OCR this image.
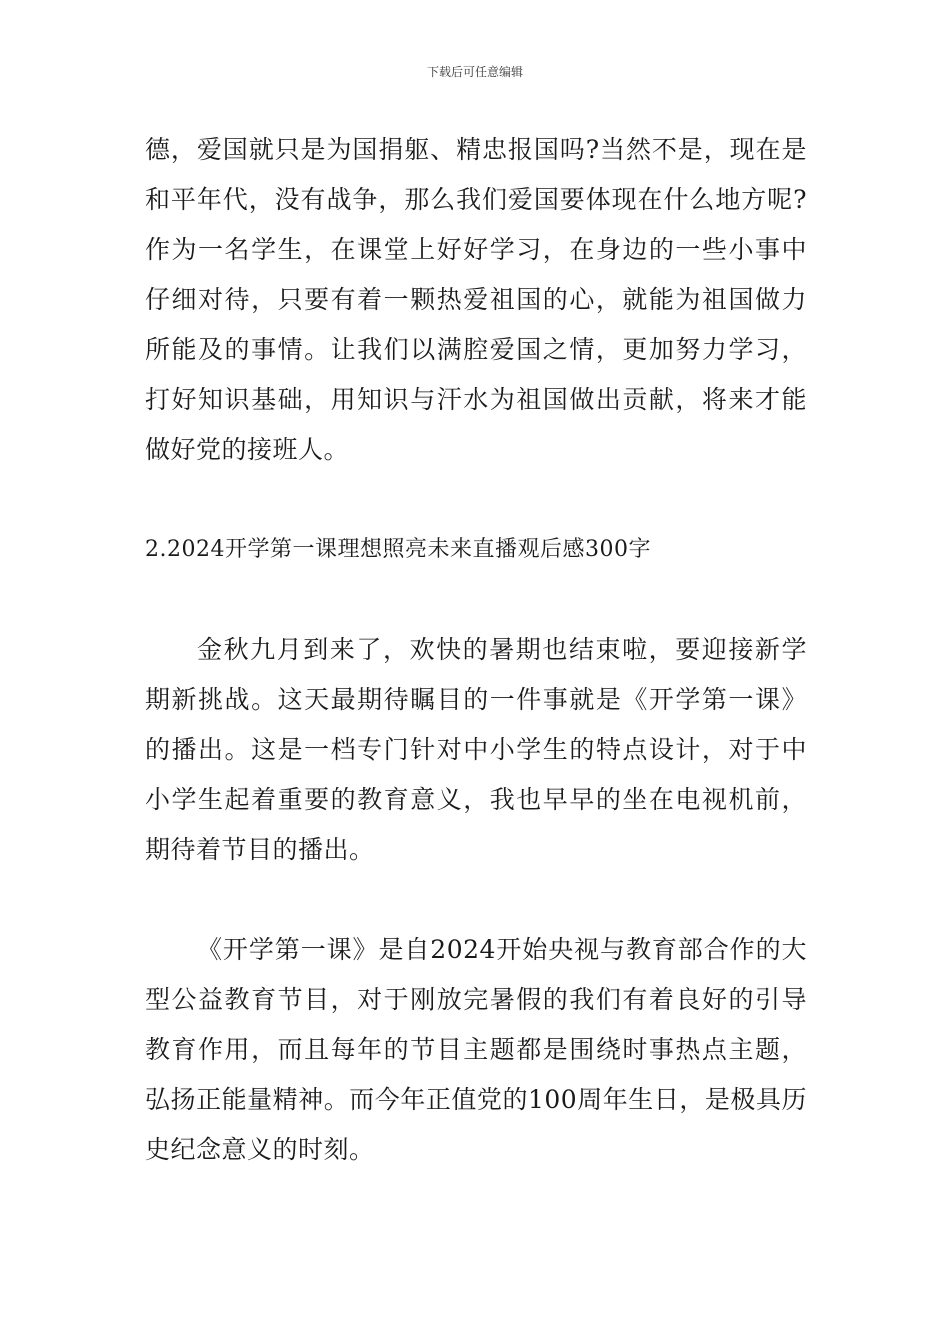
下载后可任意编辑

德，爱国就只是为国捐躯、精忠报国吗?当然不是，现在是和平年代，没有战争，那么我们爱国要体现在什么地方呢?作为一名学生，在课堂上好好学习，在身边的一些小事中仔细对待，只要有着一颗热爱祖国的心，就能为祖国做力所能及的事情。让我们以满腔爱国之情，更加努力学习，打好知识基础，用知识与汗水为祖国做出贡献，将来才能做好党的接班人。

2.2024开学第一课理想照亮未来直播观后感300字

金秋九月到来了，欢快的暑期也结束啦，要迎接新学期新挑战。这天最期待瞩目的一件事就是《开学第一课》的播出。这是一档专门针对中小学生的特点设计，对于中小学生起着重要的教育意义，我也早早的坐在电视机前，期待着节目的播出。

《开学第一课》是自2024开始央视与教育部合作的大型公益教育节目，对于刚放完暑假的我们有着良好的引导教育作用，而且每年的节目主题都是围绕时事热点主题，弘扬正能量精神。而今年正值党的100周年生日，是极具历史纪念意义的时刻。
